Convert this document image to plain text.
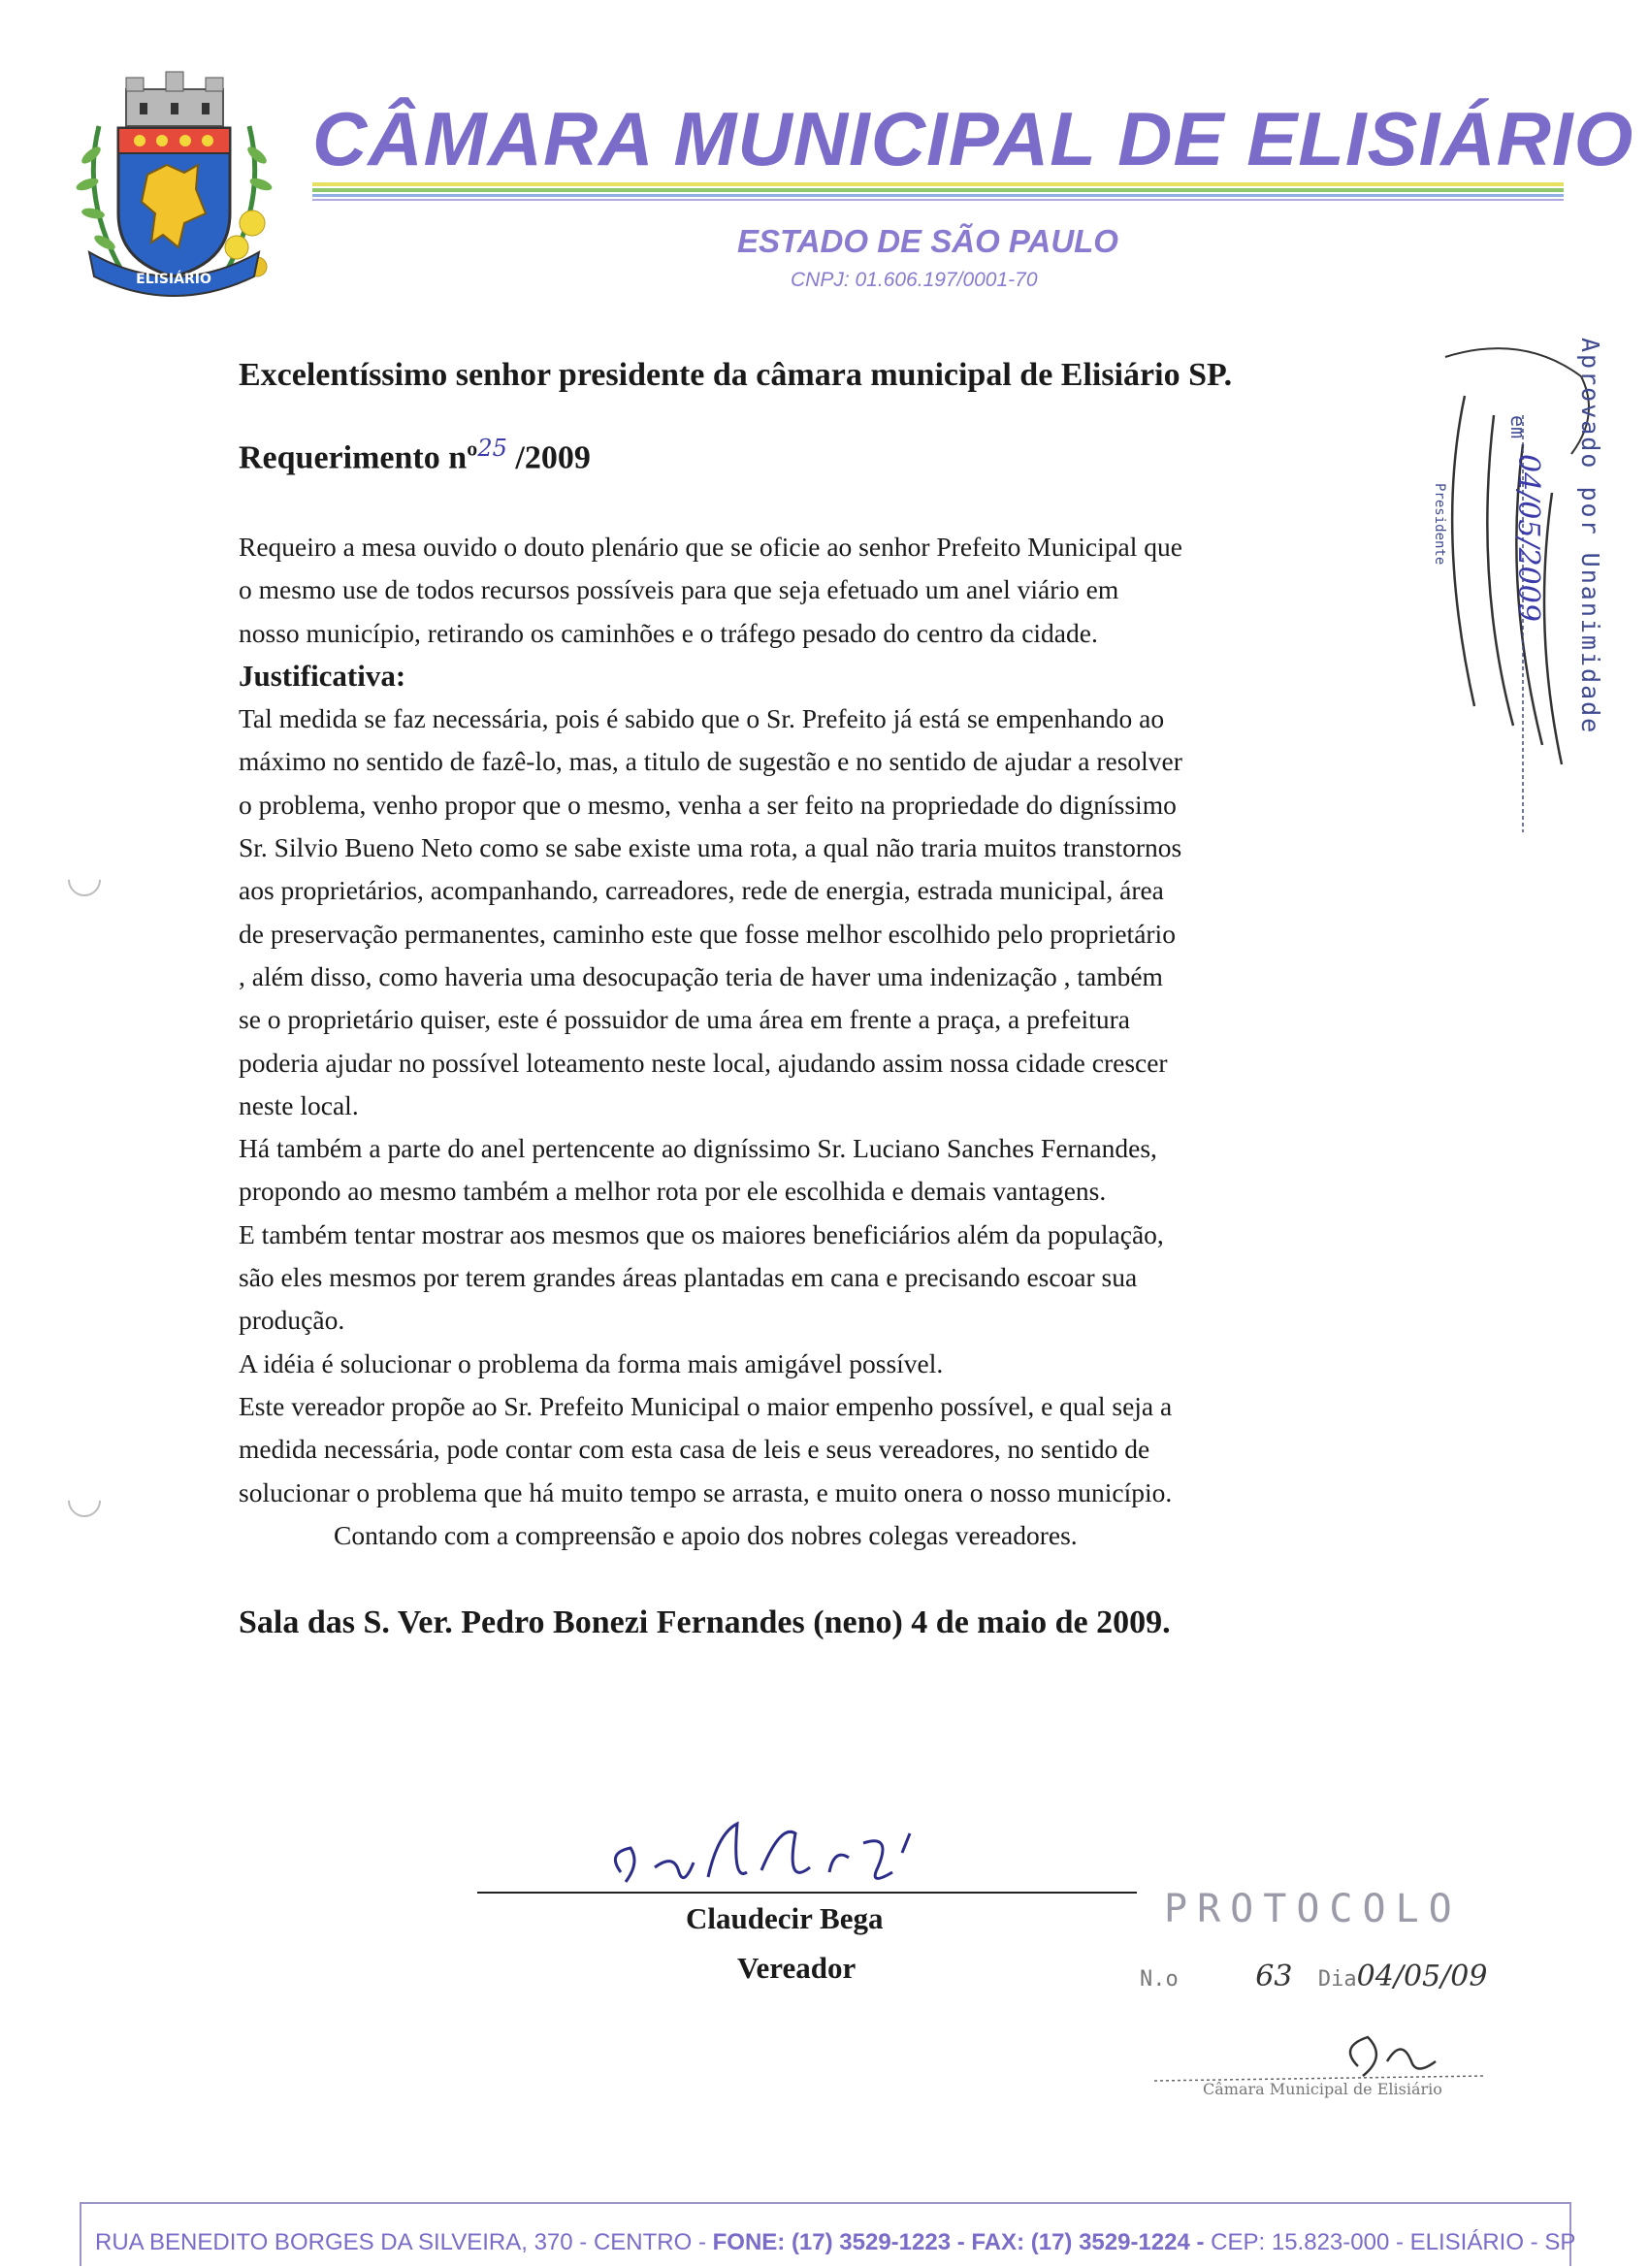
ELISIÁRIO
CÂMARA MUNICIPAL DE ELISIÁRIO
ESTADO DE SÃO PAULO
CNPJ: 01.606.197/0001-70
Excelentíssimo senhor presidente da câmara municipal de Elisiário SP.
Requerimento nº$^{25}$ /2009

Requeiro a mesa ouvido o douto plenário que se oficie ao senhor Prefeito Municipal que

o mesmo use de todos recursos possíveis para que seja efetuado um anel viário em

nosso município, retirando os caminhões e o tráfego pesado do centro da cidade.

Justificativa:

Tal medida se faz necessária, pois é sabido que o Sr. Prefeito já está se empenhando ao

máximo no sentido de fazê-lo, mas, a titulo de sugestão e no sentido de ajudar a resolver

o problema, venho propor que o mesmo, venha a ser feito na propriedade do digníssimo

Sr. Silvio Bueno Neto como se sabe existe uma rota, a qual não traria muitos transtornos

aos proprietários, acompanhando, carreadores, rede de energia, estrada municipal, área

de preservação permanentes, caminho este que fosse melhor escolhido pelo proprietário

, além disso, como haveria uma desocupação teria de haver uma indenização , também

se o proprietário quiser, este é possuidor de uma área em frente a praça, a prefeitura

poderia ajudar no possível loteamento neste local, ajudando assim nossa cidade crescer

neste local.

Há também a parte do anel pertencente ao digníssimo Sr. Luciano Sanches Fernandes,

propondo ao mesmo também a melhor rota por ele escolhida e demais vantagens.

E também tentar mostrar aos mesmos que os maiores beneficiários além da população,

são eles mesmos por terem grandes áreas plantadas em cana e precisando escoar sua

produção.

A idéia é solucionar o problema da forma mais amigável possível.

Este vereador propõe ao Sr. Prefeito Municipal o maior empenho possível, e qual seja a

medida necessária, pode contar com esta casa de leis e seus vereadores, no sentido de

solucionar o problema que há muito tempo se arrasta, e muito onera o nosso município.

Contando com a compreensão e apoio dos nobres colegas vereadores.

Sala das S. Ver. Pedro Bonezi Fernandes (neno) 4 de maio de 2009.
Claudecir Bega
Vereador
em
04/05/2009
Presidente	Aprovado por Unanimidade
PROTOCOLO
N.o	63 Dia04/05/09
Câmara Municipal de Elisiário
RUA BENEDITO BORGES DA SILVEIRA, 370 - CENTRO - FONE: (17) 3529-1223 - FAX: (17) 3529-1224 - CEP: 15.823-000 - ELISIÁRIO - SP
